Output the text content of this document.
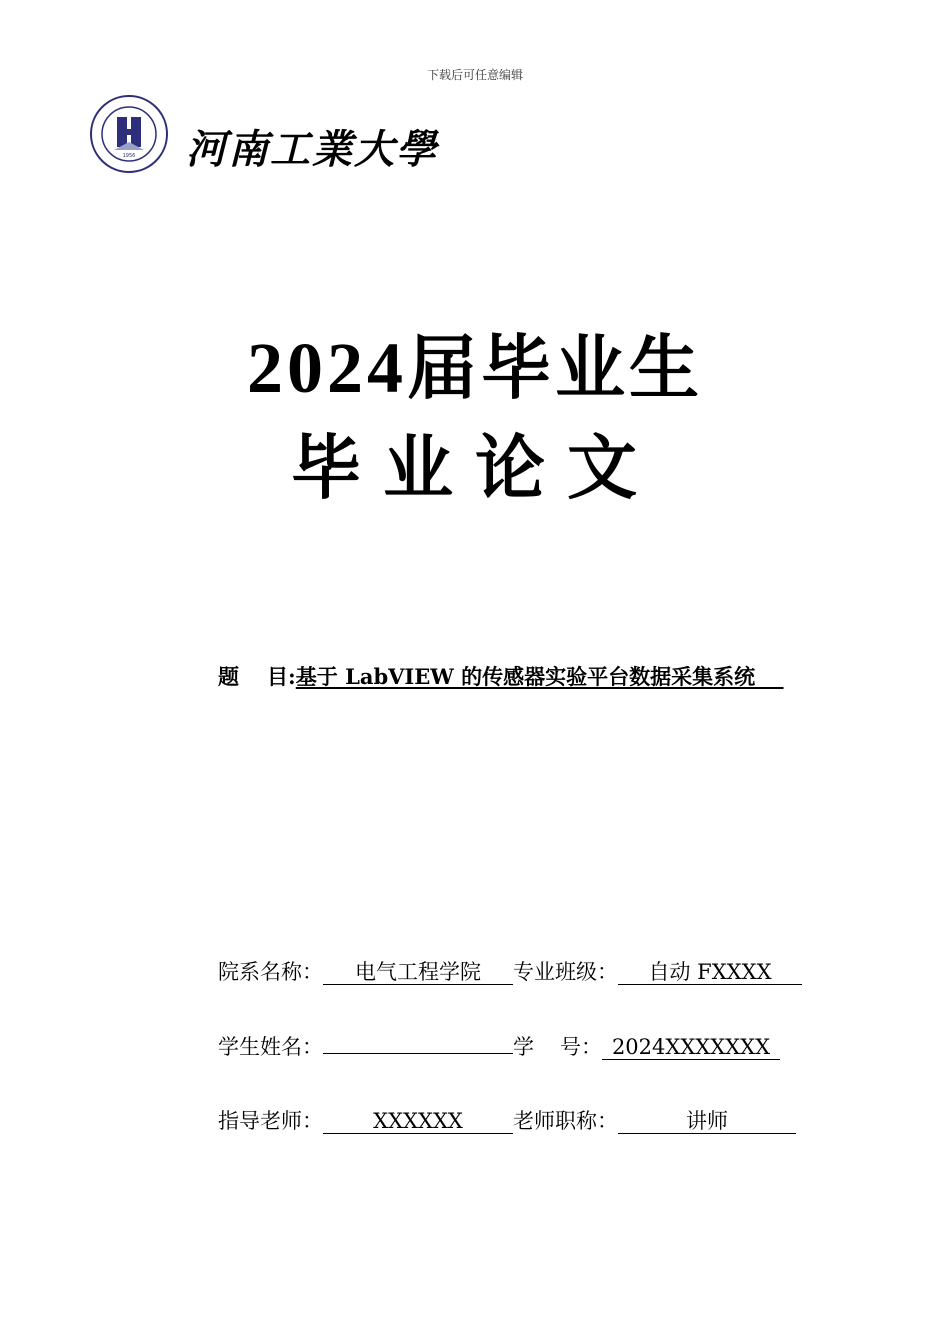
下载后可任意编辑
1956 河南工業大學
2024届毕业生
毕业论文
题 目:基于 LabVIEW 的传感器实验平台数据采集系统 __
院系名称： 电气工程学院 专业班级： 自动 FXXXX
学生姓名：	学 号： 2024XXXXXXX
指导老师： XXXXXX 老师职称：	讲师
